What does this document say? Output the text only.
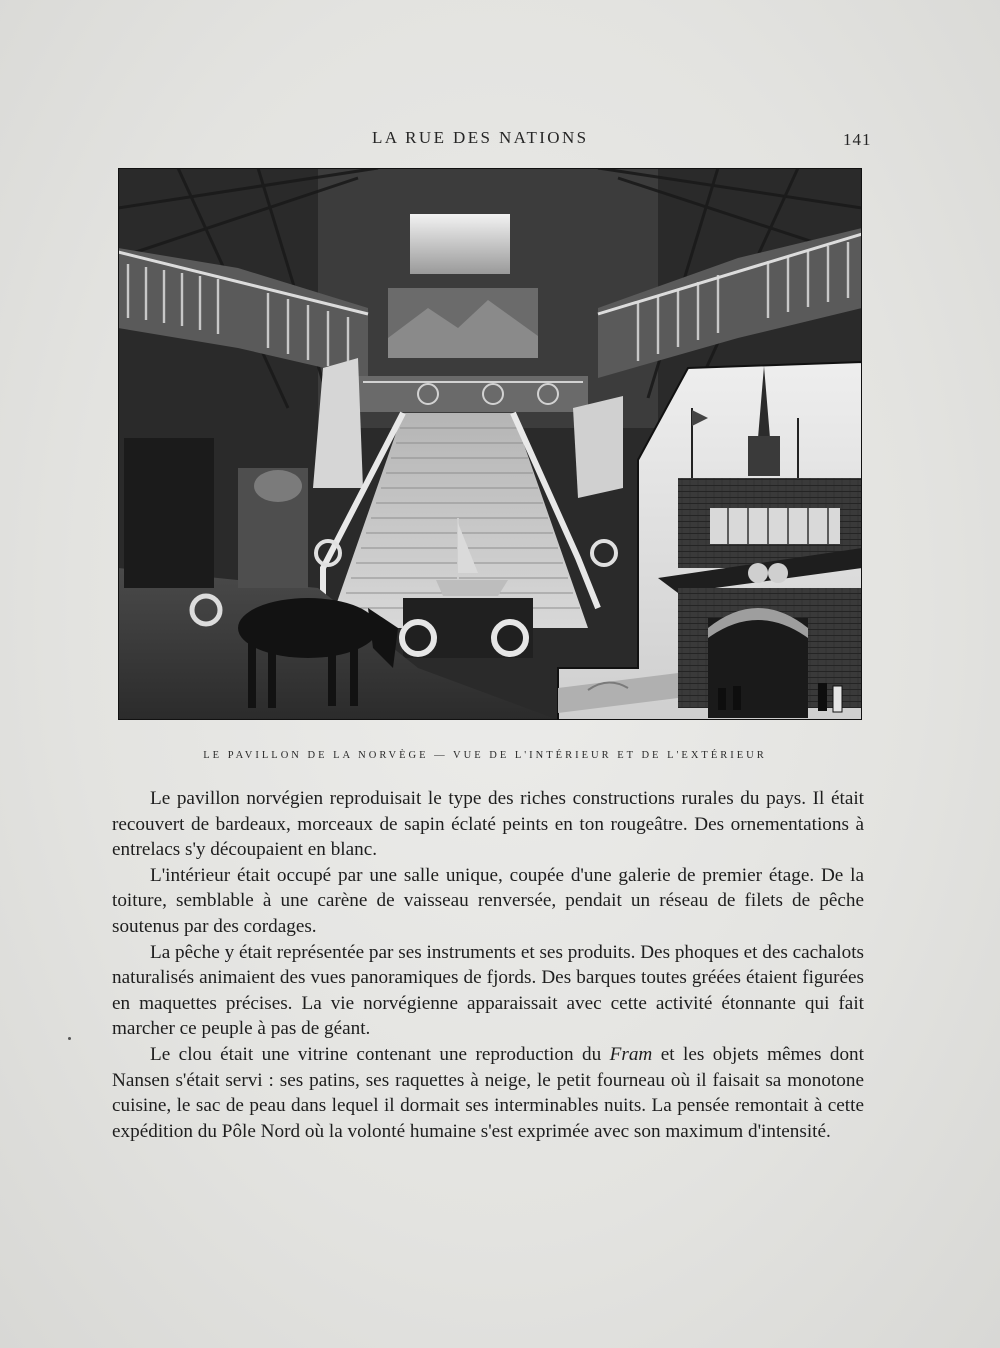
LA RUE DES NATIONS	141
LE PAVILLON DE LA NORVÈGE — VUE DE L'INTÉRIEUR ET DE L'EXTÉRIEUR

Le pavillon norvégien reproduisait le type des riches constructions rurales du pays. Il était recouvert de bardeaux, morceaux de sapin éclaté peints en ton rougeâtre. Des ornementations à entrelacs s'y découpaient en blanc.

L'intérieur était occupé par une salle unique, coupée d'une galerie de premier étage. De la toiture, semblable à une carène de vaisseau renversée, pendait un réseau de filets de pêche soutenus par des cordages.

La pêche y était représentée par ses instruments et ses produits. Des phoques et des cachalots naturalisés animaient des vues panoramiques de fjords. Des barques toutes gréées étaient figurées en maquettes précises. La vie norvégienne apparaissait avec cette activité étonnante qui fait marcher ce peuple à pas de géant.

Le clou était une vitrine contenant une reproduction du Fram et les objets mêmes dont Nansen s'était servi : ses patins, ses raquettes à neige, le petit fourneau où il faisait sa monotone cuisine, le sac de peau dans lequel il dormait ses interminables nuits. La pensée remontait à cette expédition du Pôle Nord où la volonté humaine s'est exprimée avec son maximum d'intensité.
